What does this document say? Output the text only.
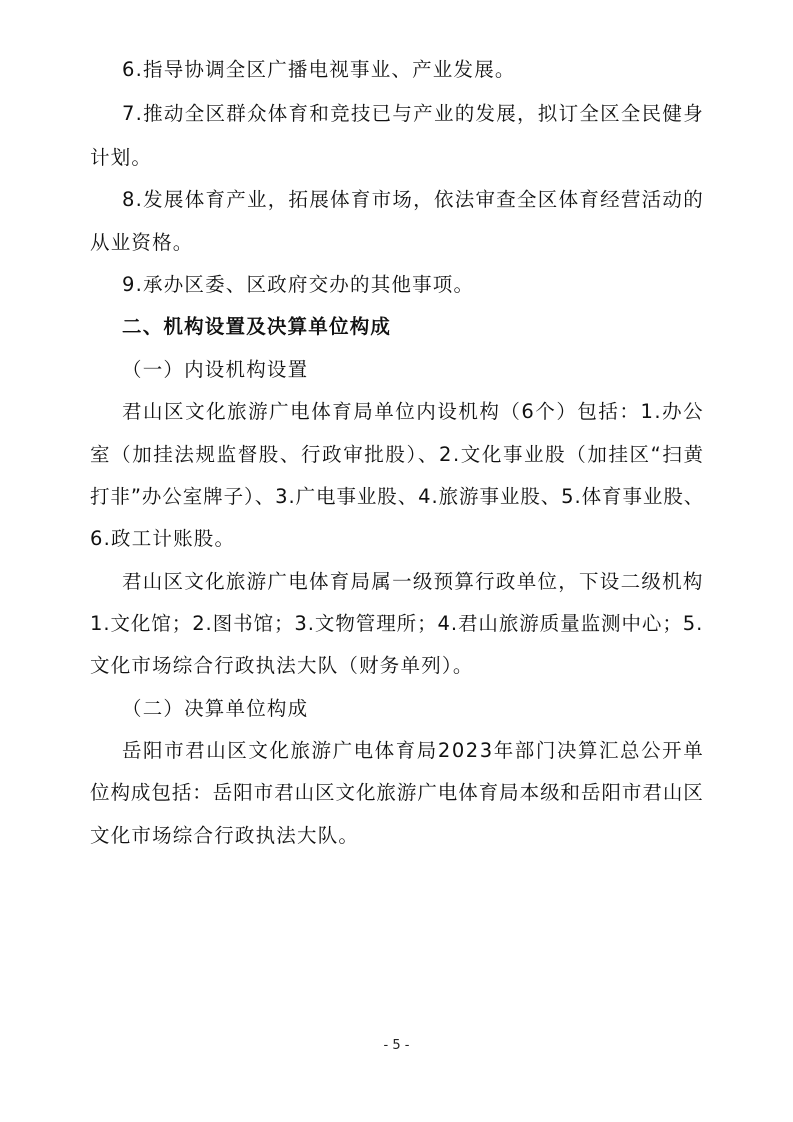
6.指导协调全区广播电视事业、产业发展。
7.推动全区群众体育和竞技已与产业的发展，拟订全区全民健身
计划。
8.发展体育产业，拓展体育市场，依法审查全区体育经营活动的
从业资格。
9.承办区委、区政府交办的其他事项。
二、机构设置及决算单位构成
（一）内设机构设置
君山区文化旅游广电体育局单位内设机构（6个）包括：1.办公
室（加挂法规监督股、行政审批股）、2.文化事业股（加挂区“扫黄
打非”办公室牌子）、3.广电事业股、4.旅游事业股、5.体育事业股、
6.政工计账股。
君山区文化旅游广电体育局属一级预算行政单位，下设二级机构
1.文化馆；2.图书馆；3.文物管理所；4.君山旅游质量监测中心；5.
文化市场综合行政执法大队（财务单列）。
（二）决算单位构成
岳阳市君山区文化旅游广电体育局2023年部门决算汇总公开单
位构成包括：岳阳市君山区文化旅游广电体育局本级和岳阳市君山区
文化市场综合行政执法大队。
- 5 -
